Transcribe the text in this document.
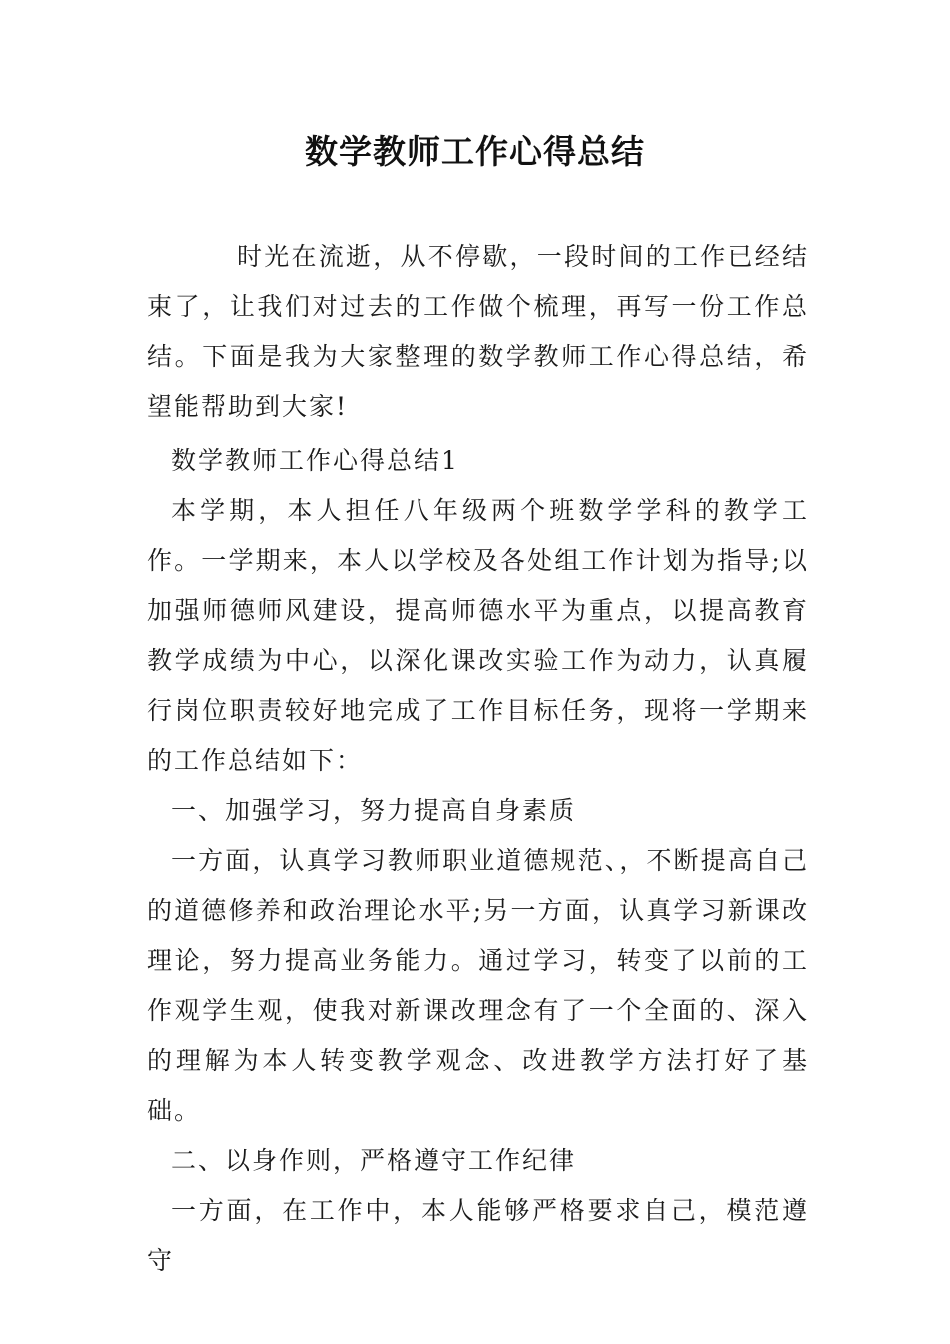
数学教师工作心得总结

时光在流逝，从不停歇，一段时间的工作已经结束了，让我们对过去的工作做个梳理，再写一份工作总结。下面是我为大家整理的数学教师工作心得总结，希望能帮助到大家!

数学教师工作心得总结1

本学期，本人担任八年级两个班数学学科的教学工作。一学期来，本人以学校及各处组工作计划为指导;以加强师德师风建设，提高师德水平为重点，以提高教育教学成绩为中心，以深化课改实验工作为动力，认真履行岗位职责较好地完成了工作目标任务，现将一学期来的工作总结如下：

一、加强学习，努力提高自身素质

一方面，认真学习教师职业道德规范、，不断提高自己的道德修养和政治理论水平;另一方面，认真学习新课改理论，努力提高业务能力。通过学习，转变了以前的工作观学生观，使我对新课改理念有了一个全面的、深入的理解为本人转变教学观念、改进教学方法打好了基础。

二、以身作则，严格遵守工作纪律

一方面，在工作中，本人能够严格要求自己，模范遵守
